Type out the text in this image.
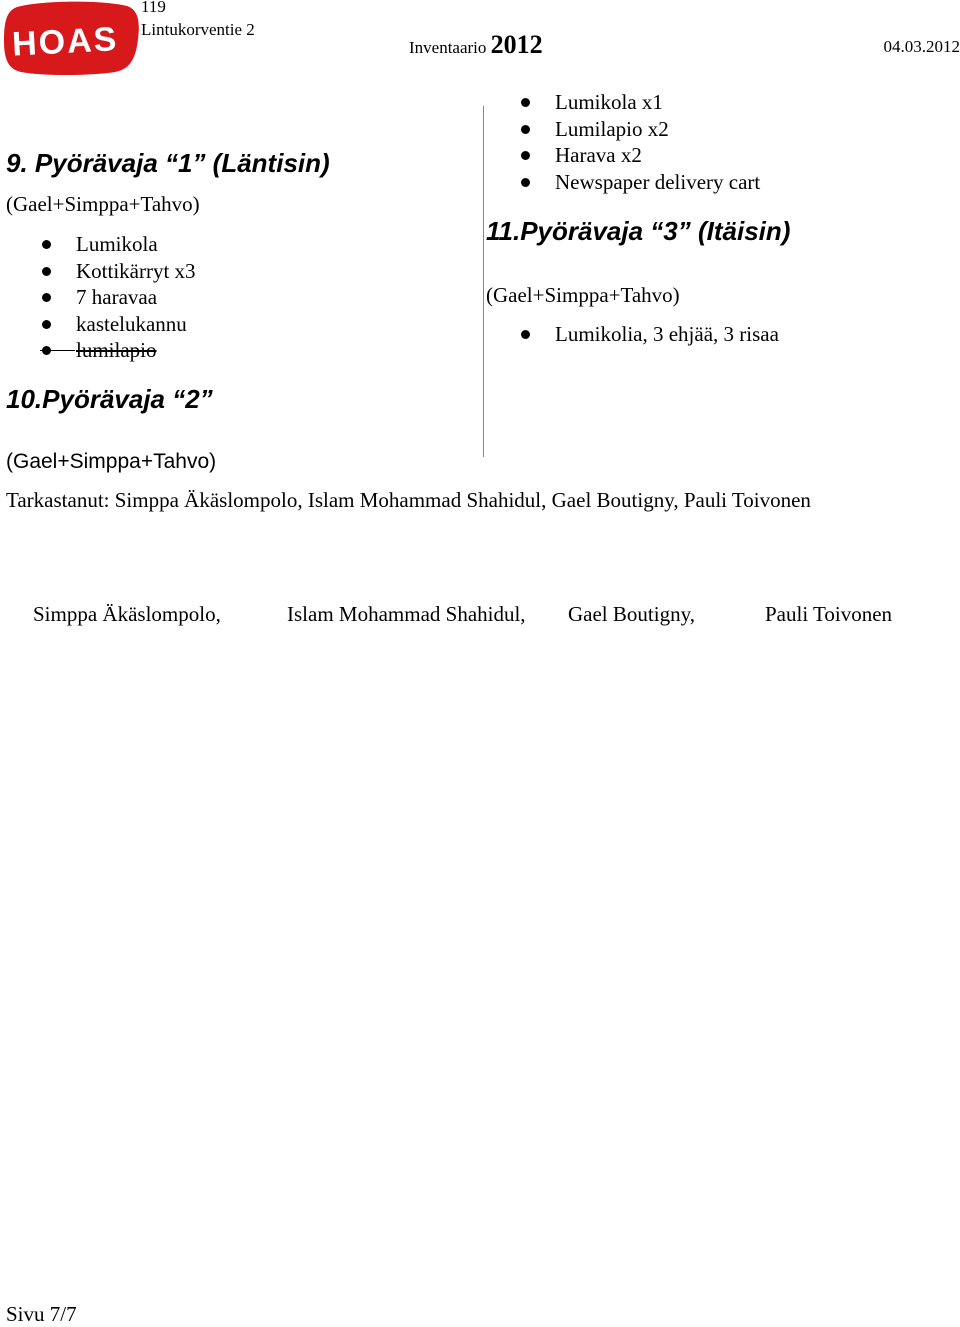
HOAS
119
Lintukorventie 2
Inventaario 2012	04.03.2012
9. Pyörävaja “1” (Läntisin)
(Gael+Simppa+Tahvo)
Lumikola
Kottikärryt x3
7 haravaa
kastelukannu
lumilapio
10.Pyörävaja “2”
(Gael+Simppa+Tahvo)
Tarkastanut: Simppa Äkäslompolo, Islam Mohammad Shahidul, Gael Boutigny, Pauli Toivonen
Lumikola x1
Lumilapio x2
Harava x2
Newspaper delivery cart
11.Pyörävaja “3” (Itäisin)
(Gael+Simppa+Tahvo)
Lumikolia, 3 ehjää, 3 risaa
Simppa Äkäslompolo,	Islam Mohammad Shahidul, Gael Boutigny,	Pauli Toivonen
Sivu 7/7
